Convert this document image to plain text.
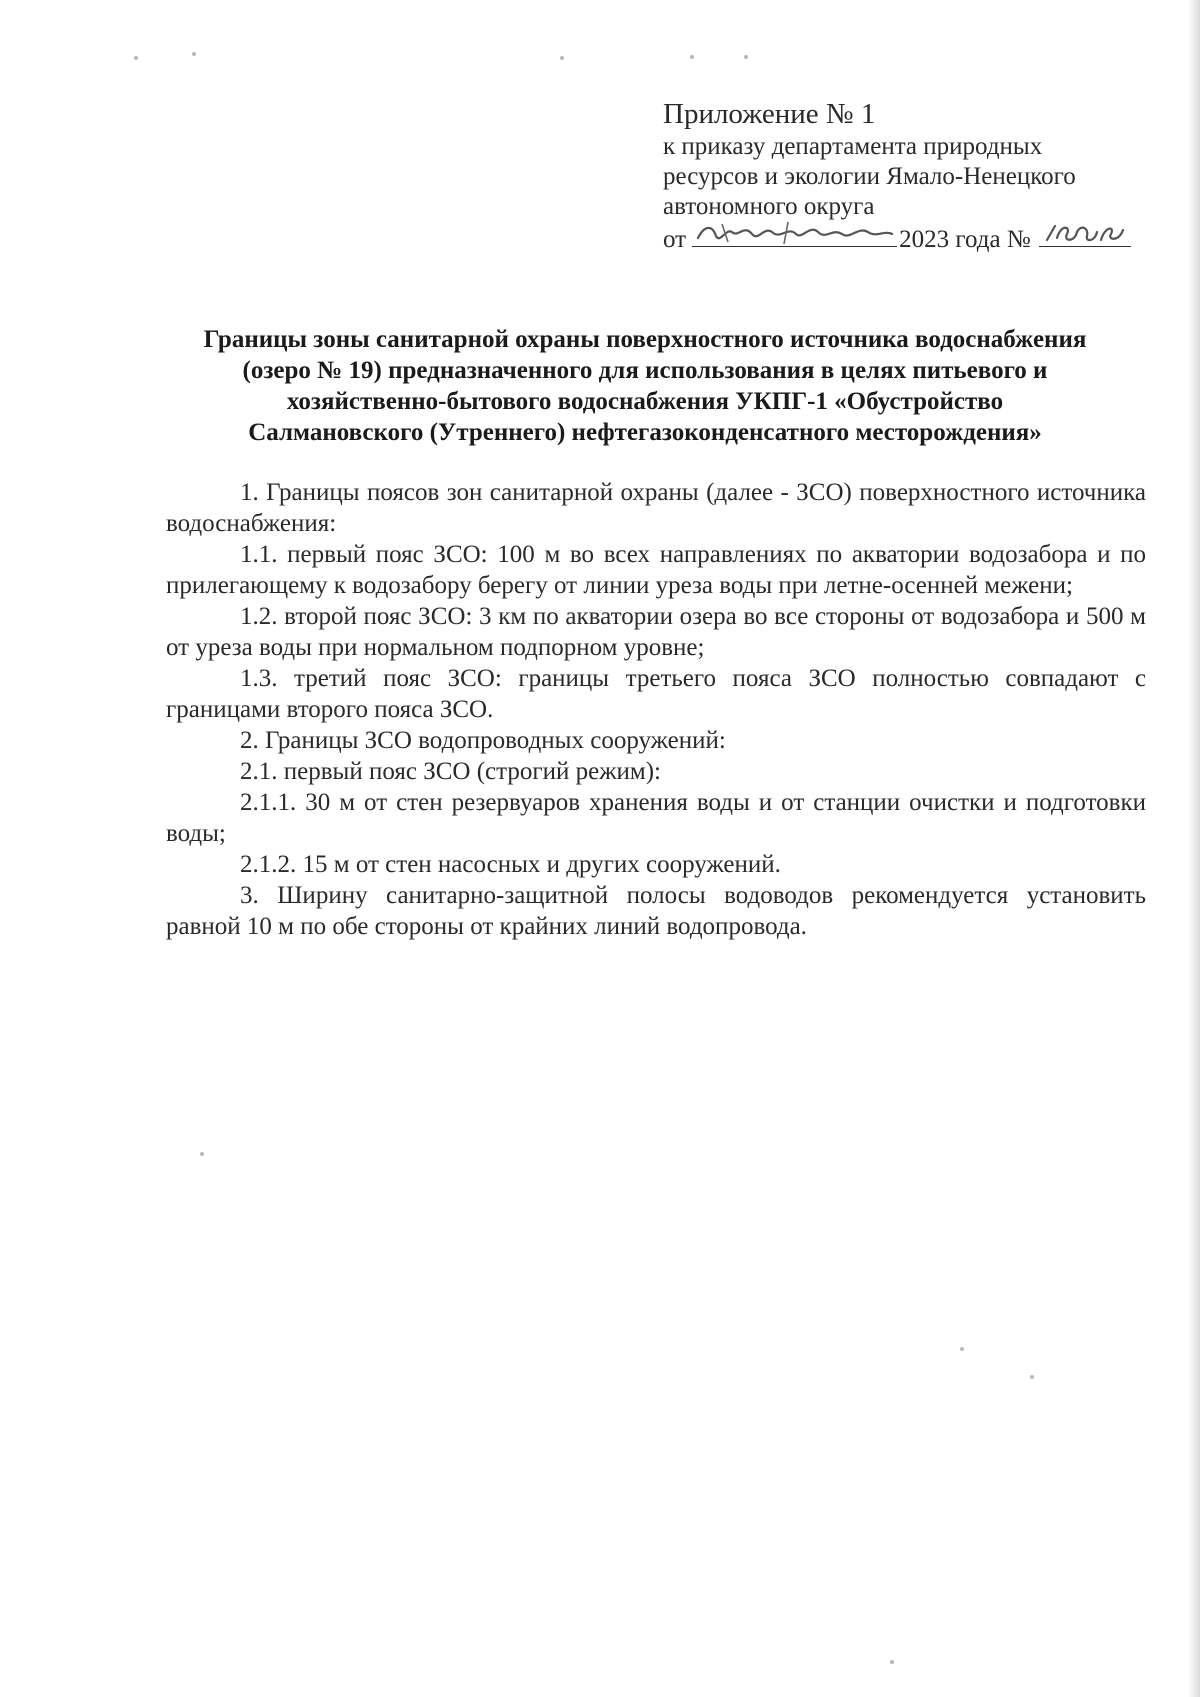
Приложение № 1
к приказу департамента природных
ресурсов и экологии Ямало-Ненецкого
автономного округа
от	2023 года №
Границы зоны санитарной охраны поверхностного источника водоснабжения
(озеро № 19) предназначенного для использования в целях питьевого и
хозяйственно-бытового водоснабжения УКПГ-1 «Обустройство
Салмановского (Утреннего) нефтегазоконденсатного месторождения»

1. Границы поясов зон санитарной охраны (далее - ЗСО) поверхностного источника водоснабжения:

1.1. первый пояс ЗСО: 100 м во всех направлениях по акватории водозабора и по прилегающему к водозабору берегу от линии уреза воды при летне-осенней межени;

1.2. второй пояс ЗСО: 3 км по акватории озера во все стороны от водозабора и 500 м от уреза воды при нормальном подпорном уровне;

1.3. третий пояс ЗСО: границы третьего пояса ЗСО полностью совпадают с границами второго пояса ЗСО.

2. Границы ЗСО водопроводных сооружений:

2.1. первый пояс ЗСО (строгий режим):

2.1.1. 30 м от стен резервуаров хранения воды и от станции очистки и подготовки воды;

2.1.2. 15 м от стен насосных и других сооружений.

3. Ширину санитарно-защитной полосы водоводов рекомендуется установить равной 10 м по обе стороны от крайних линий водопровода.
